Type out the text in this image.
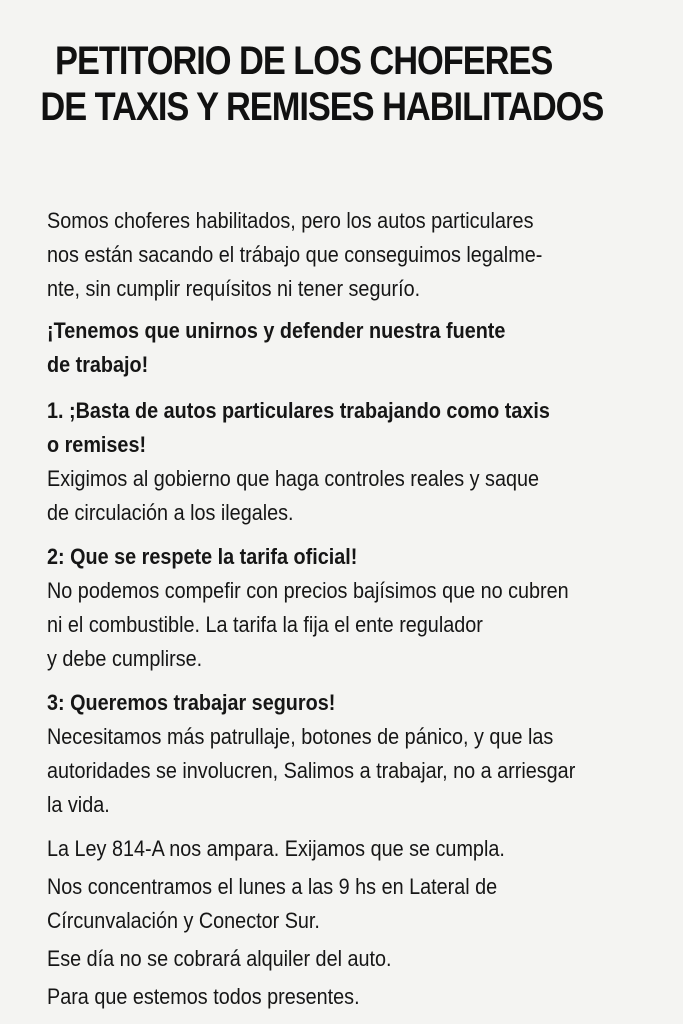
PETITORIO DE LOS CHOFERES
DE TAXIS Y REMISES HABILITADOS

Somos choferes habilitados, pero los autos particulares
nos están sacando el trábajo que conseguimos legalme-
nte, sin cumplir requísitos ni tener segurío.

¡Tenemos que unirnos y defender nuestra fuente
de trabajo!

1. ;Basta de autos particulares trabajando como taxis
o remises!

Exigimos al gobierno que haga controles reales y saque
de circulación a los ilegales.

2: Que se respete la tarifa oficial!

No podemos compefir con precios bajísimos que no cubren
ni el combustible. La tarifa la fija el ente regulador
y debe cumplirse.

3: Queremos trabajar seguros!

Necesitamos más patrullaje, botones de pánico, y que las
autoridades se involucren, Salimos a trabajar, no a arriesgar
la vida.

La Ley 814-A nos ampara. Exijamos que se cumpla.

Nos concentramos el lunes a las 9 hs en Lateral de
Círcunvalación y Conector Sur.

Ese día no se cobrará alquiler del auto.

Para que estemos todos presentes.
